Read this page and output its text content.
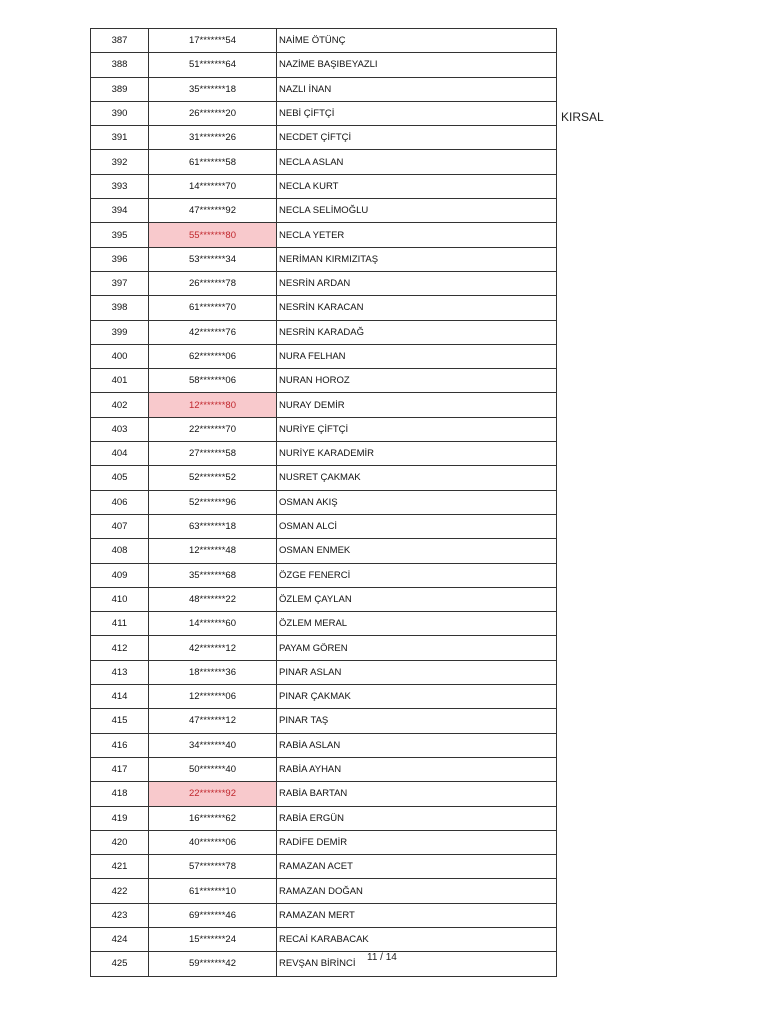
387	17*******54	NAİME ÖTÜNÇ
388	51*******64	NAZİME BAŞIBEYAZLI
389	35*******18	NAZLI İNAN
390	26*******20	NEBİ ÇİFTÇİ
391	31*******26	NECDET ÇİFTÇİ
392	61*******58	NECLA ASLAN
393	14*******70	NECLA KURT
394	47*******92	NECLA SELİMOĞLU
395	55*******80	NECLA YETER
396	53*******34	NERİMAN KIRMIZITAŞ
397	26*******78	NESRİN ARDAN
398	61*******70	NESRİN KARACAN
399	42*******76	NESRİN KARADAĞ
400	62*******06	NURA FELHAN
401	58*******06	NURAN HOROZ
402	12*******80	NURAY DEMİR
403	22*******70	NURİYE ÇİFTÇİ
404	27*******58	NURİYE KARADEMİR
405	52*******52	NUSRET ÇAKMAK
406	52*******96	OSMAN AKIŞ
407	63*******18	OSMAN ALCİ
408	12*******48	OSMAN ENMEK
409	35*******68	ÖZGE FENERCİ
410	48*******22	ÖZLEM ÇAYLAN
411	14*******60	ÖZLEM MERAL
412	42*******12	PAYAM GÖREN
413	18*******36	PINAR ASLAN
414	12*******06	PINAR ÇAKMAK
415	47*******12	PINAR TAŞ
416	34*******40	RABİA ASLAN
417	50*******40	RABİA AYHAN
418	22*******92	RABİA BARTAN
419	16*******62	RABİA ERGÜN
420	40*******06	RADİFE DEMİR
421	57*******78	RAMAZAN ACET
422	61*******10	RAMAZAN DOĞAN
423	69*******46	RAMAZAN MERT
424	15*******24	RECAİ KARABACAK
425	59*******42	REVŞAN BİRİNCİ
KIRSAL
11 / 14
